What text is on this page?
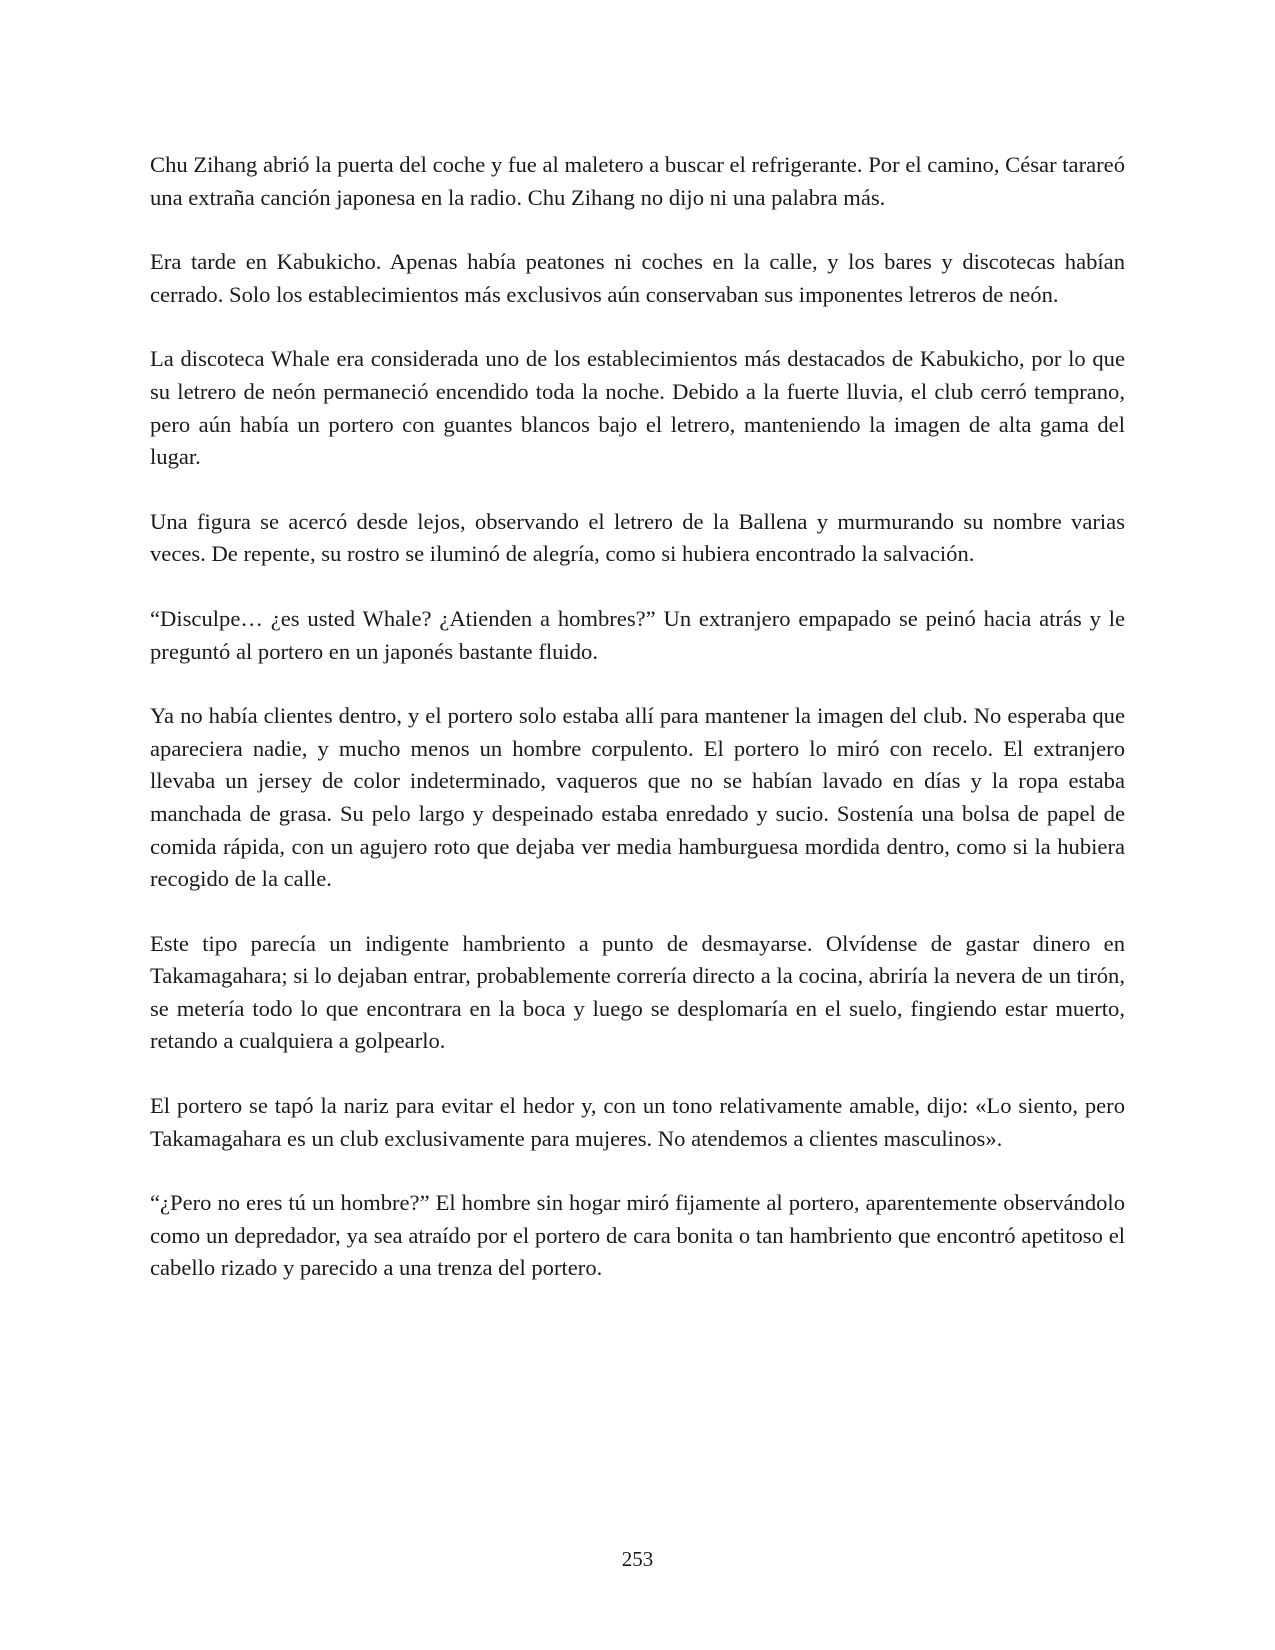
Chu Zihang abrió la puerta del coche y fue al maletero a buscar el refrigerante. Por el camino, César tarareó una extraña canción japonesa en la radio. Chu Zihang no dijo ni una palabra más.

Era tarde en Kabukicho. Apenas había peatones ni coches en la calle, y los bares y discotecas habían cerrado. Solo los establecimientos más exclusivos aún conservaban sus imponentes letreros de neón.

La discoteca Whale era considerada uno de los establecimientos más destacados de Kabukicho, por lo que su letrero de neón permaneció encendido toda la noche. Debido a la fuerte lluvia, el club cerró temprano, pero aún había un portero con guantes blancos bajo el letrero, manteniendo la imagen de alta gama del lugar.

Una figura se acercó desde lejos, observando el letrero de la Ballena y murmurando su nombre varias veces. De repente, su rostro se iluminó de alegría, como si hubiera encontrado la salvación.

“Disculpe… ¿es usted Whale? ¿Atienden a hombres?” Un extranjero empapado se peinó hacia atrás y le preguntó al portero en un japonés bastante fluido.

Ya no había clientes dentro, y el portero solo estaba allí para mantener la imagen del club. No esperaba que apareciera nadie, y mucho menos un hombre corpulento. El portero lo miró con recelo. El extranjero llevaba un jersey de color indeterminado, vaqueros que no se habían lavado en días y la ropa estaba manchada de grasa. Su pelo largo y despeinado estaba enredado y sucio. Sostenía una bolsa de papel de comida rápida, con un agujero roto que dejaba ver media hamburguesa mordida dentro, como si la hubiera recogido de la calle.

Este tipo parecía un indigente hambriento a punto de desmayarse. Olvídense de gastar dinero en Takamagahara; si lo dejaban entrar, probablemente correría directo a la cocina, abriría la nevera de un tirón, se metería todo lo que encontrara en la boca y luego se desplomaría en el suelo, fingiendo estar muerto, retando a cualquiera a golpearlo.

El portero se tapó la nariz para evitar el hedor y, con un tono relativamente amable, dijo: «Lo siento, pero Takamagahara es un club exclusivamente para mujeres. No atendemos a clientes masculinos».

“¿Pero no eres tú un hombre?” El hombre sin hogar miró fijamente al portero, aparentemente observándolo como un depredador, ya sea atraído por el portero de cara bonita o tan hambriento que encontró apetitoso el cabello rizado y parecido a una trenza del portero.

253
